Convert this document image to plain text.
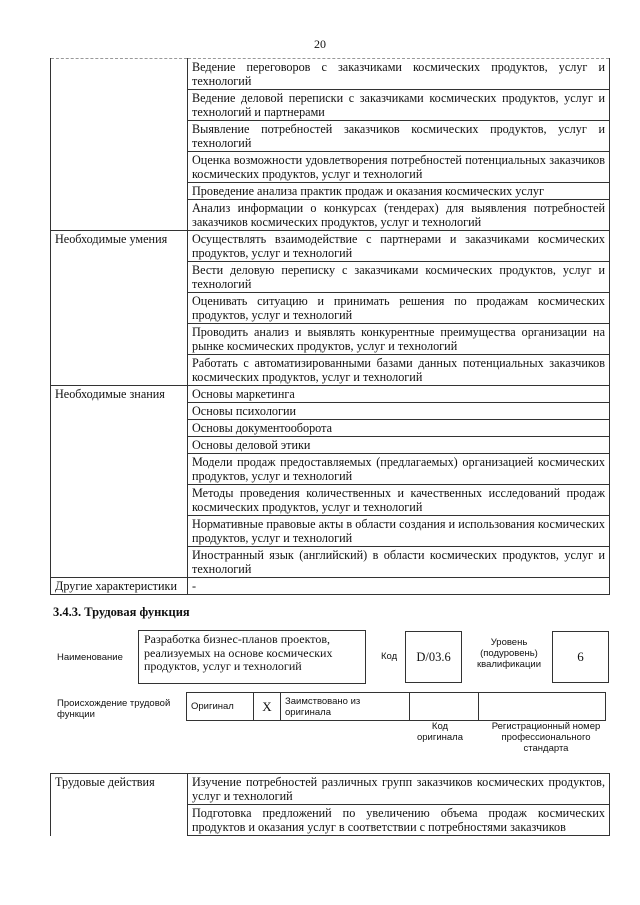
20
	Ведение переговоров с заказчиками космических продуктов, услуг и технологий
	Ведение деловой переписки с заказчиками космических продуктов, услуг и технологий и партнерами
	Выявление потребностей заказчиков космических продуктов, услуг и технологий
	Оценка возможности удовлетворения потребностей потенциальных заказчиков космических продуктов, услуг и технологий
	Проведение анализа практик продаж и оказания космических услуг
	Анализ информации о конкурсах (тендерах) для выявления потребностей заказчиков космических продуктов, услуг и технологий
Необходимые умения	Осуществлять взаимодействие с партнерами и заказчиками космических продуктов, услуг и технологий
	Вести деловую переписку с заказчиками космических продуктов, услуг и технологий
	Оценивать ситуацию и принимать решения по продажам космических продуктов, услуг и технологий
	Проводить анализ и выявлять конкурентные преимущества организации на рынке космических продуктов, услуг и технологий
	Работать с автоматизированными базами данных потенциальных заказчиков космических продуктов, услуг и технологий
Необходимые знания	Основы маркетинга
	Основы психологии
	Основы документооборота
	Основы деловой этики
	Модели продаж предоставляемых (предлагаемых) организацией космических продуктов, услуг и технологий
	Методы проведения количественных и качественных исследований продаж космических продуктов, услуг и технологий
	Нормативные правовые акты в области создания и использования космических продуктов, услуг и технологий
	Иностранный язык (английский) в области космических продуктов, услуг и технологий
Другие характеристики	-
3.4.3. Трудовая функция
Наименование
Разработка бизнес-планов проектов, реализуемых на основе космических продуктов, услуг и технологий
Код	D/03.6
Уровень (подуровень) квалификации
6
Происхождение трудовой функции
Оригинал	X	Заимствовано из оригинала		
Код оригинала
Регистрационный номер профессионального стандарта
Трудовые действия	Изучение потребностей различных групп заказчиков космических продуктов, услуг и технологий
Подготовка предложений по увеличению объема продаж космических продуктов и оказания услуг в соответствии с потребностями заказчиков
